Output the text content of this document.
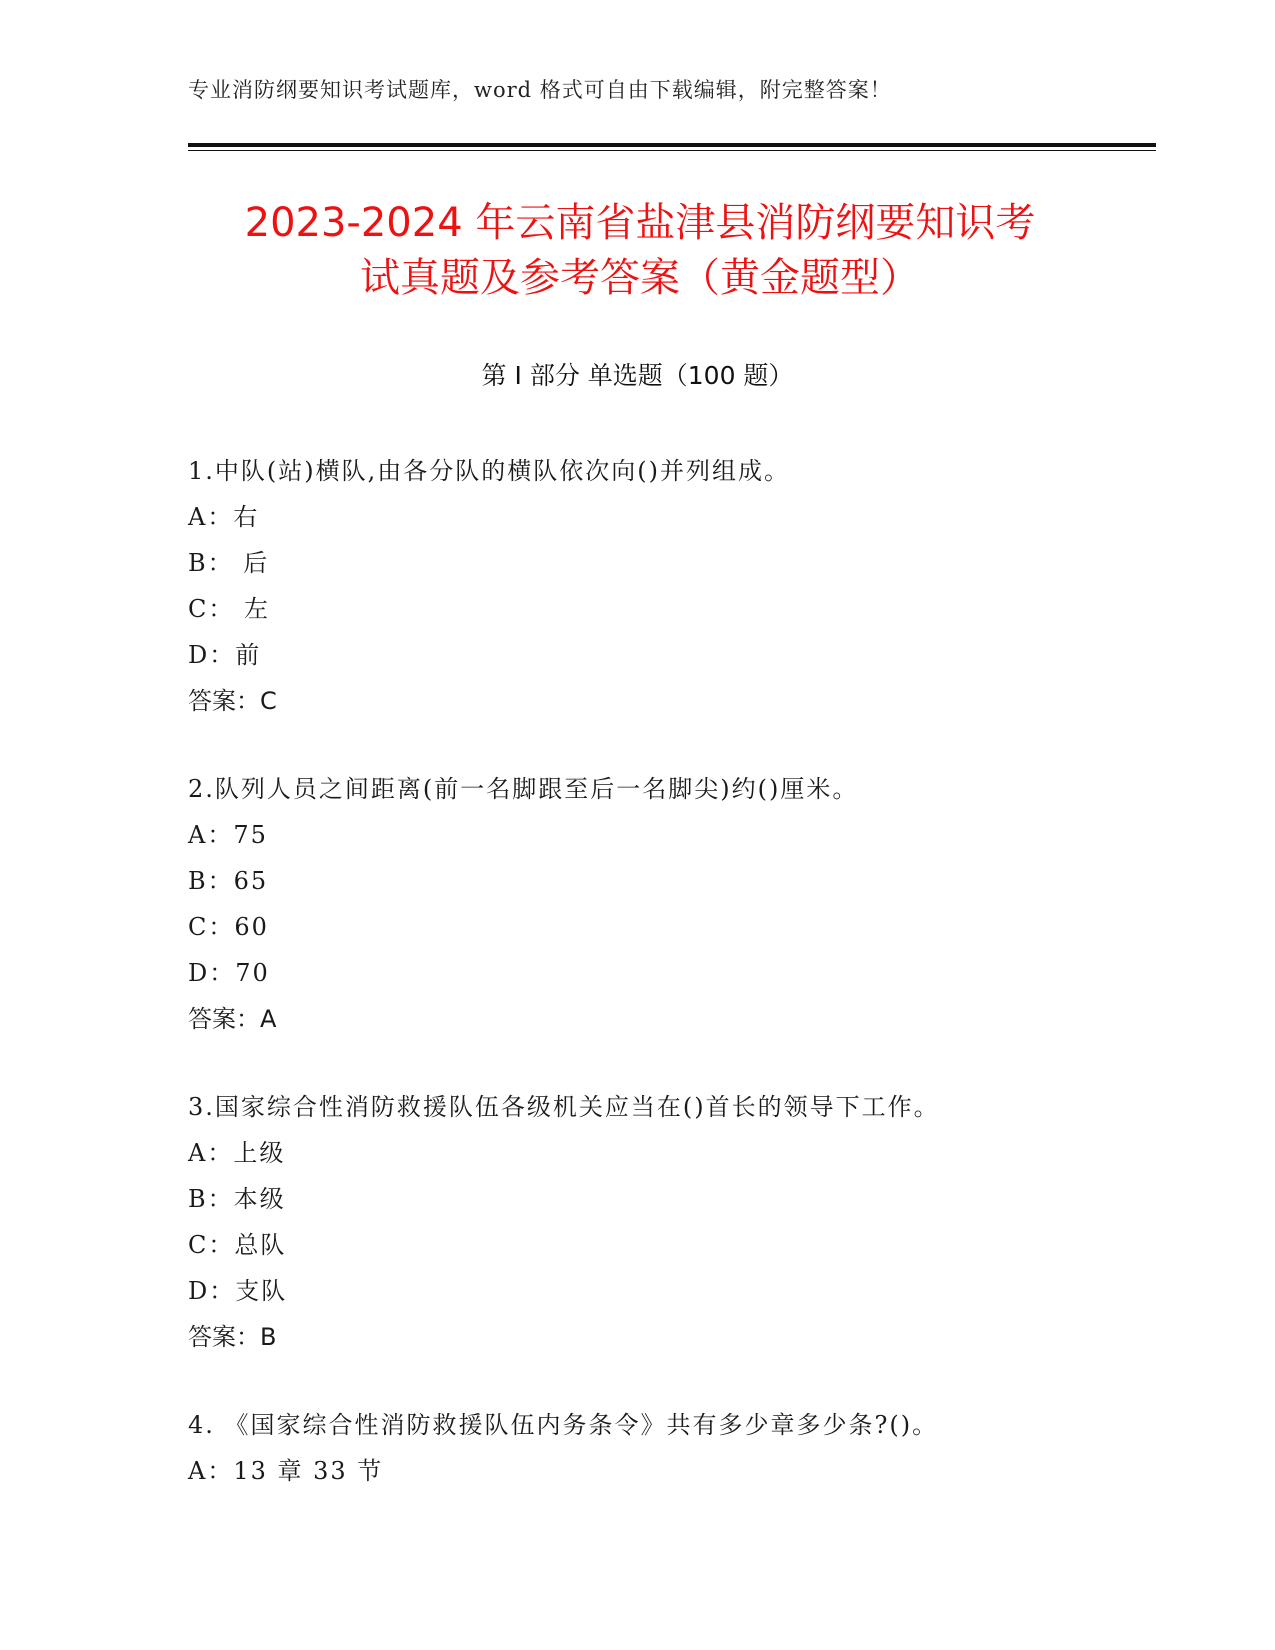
专业消防纲要知识考试题库，word 格式可自由下载编辑，附完整答案！
2023-2024 年云南省盐津县消防纲要知识考
试真题及参考答案（黄金题型）
第 I 部分 单选题（100 题）
1.中队(站)横队,由各分队的横队依次向()并列组成。
A：右
B： 后
C： 左
D：前
答案：C
2.队列人员之间距离(前一名脚跟至后一名脚尖)约()厘米。
A：75
B：65
C：60
D：70
答案：A
3.国家综合性消防救援队伍各级机关应当在()首长的领导下工作。
A：上级
B：本级
C：总队
D：支队
答案：B
4. 《国家综合性消防救援队伍内务条令》共有多少章多少条?()。
A：13 章 33 节
